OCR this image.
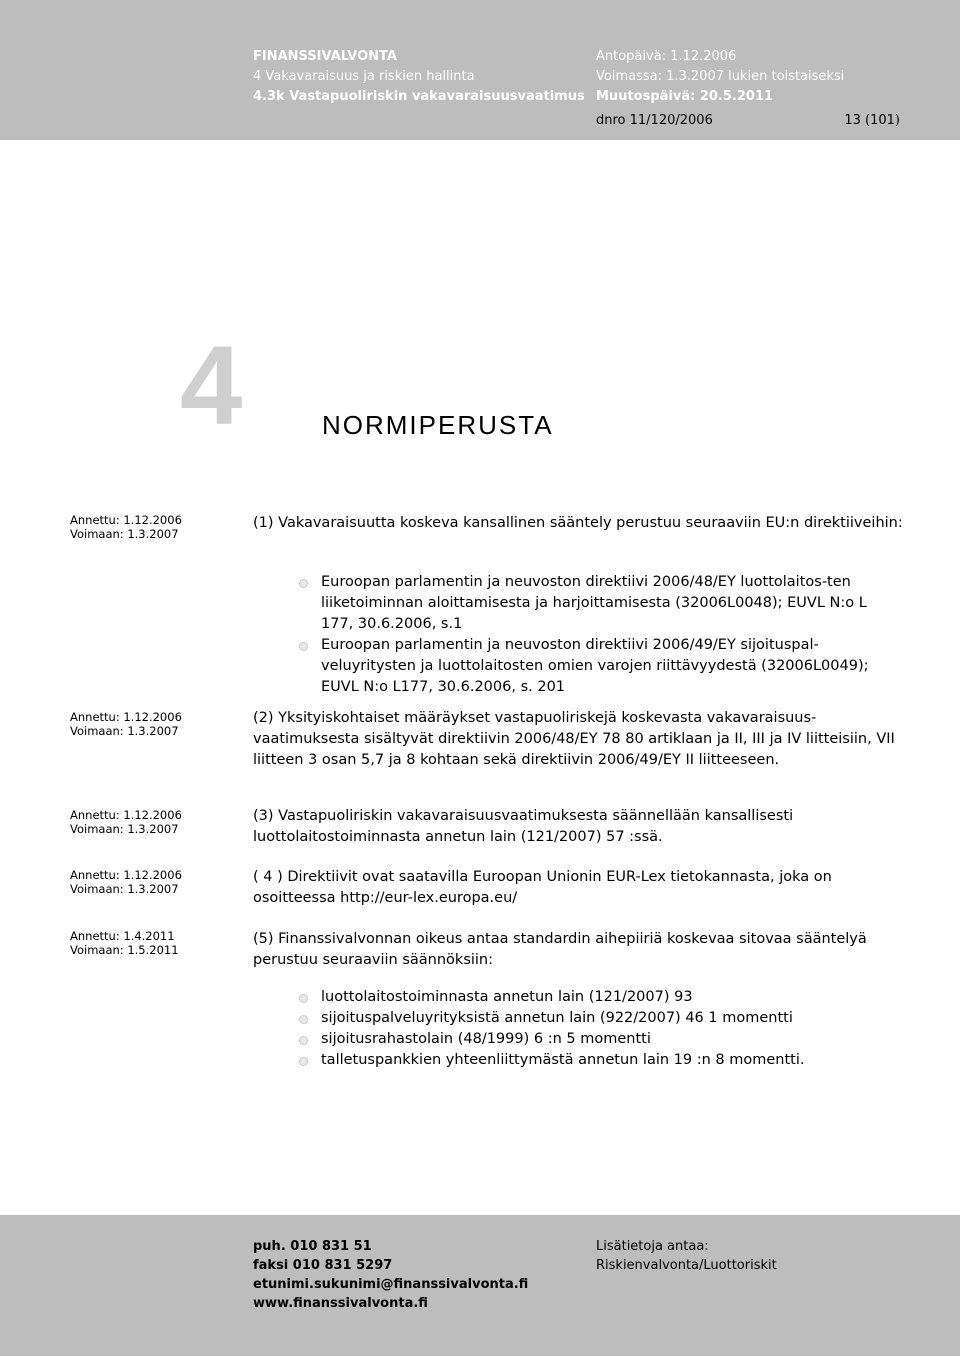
FINANSSIVALVONTA
4 Vakavaraisuus ja riskien hallinta
4.3k Vastapuoliriskin vakavaraisuusvaatimus
Antopäivä: 1.12.2006
Voimassa: 1.3.2007 lukien toistaiseksi
Muutospäivä: 20.5.2011
dnro 11/120/2006	13 (101)
4	NORMIPERUSTA
Annettu: 1.12.2006
Voimaan: 1.3.2007
(1) Vakavaraisuutta koskeva kansallinen sääntely perustuu seuraaviin EU:n direktiiveihin:
Euroopan parlamentin ja neuvoston direktiivi 2006/48/EY luottolaitos-ten liiketoiminnan aloittamisesta ja harjoittamisesta (32006L0048); EUVL N:o L 177, 30.6.2006, s.1
Euroopan parlamentin ja neuvoston direktiivi 2006/49/EY sijoituspal-veluyritysten ja luottolaitosten omien varojen riittävyydestä (32006L0049); EUVL N:o L177, 30.6.2006, s. 201
Annettu: 1.12.2006
Voimaan: 1.3.2007
(2) Yksityiskohtaiset määräykset vastapuoliriskejä koskevasta vakavaraisuus-vaatimuksesta sisältyvät direktiivin 2006/48/EY 78 80 artiklaan ja II, III ja IV liitteisiin, VII liitteen 3 osan 5,7 ja 8 kohtaan sekä direktiivin 2006/49/EY II liitteeseen.
Annettu: 1.12.2006
Voimaan: 1.3.2007
(3) Vastapuoliriskin vakavaraisuusvaatimuksesta säännellään kansallisesti luottolaitostoiminnasta annetun lain (121/2007) 57 :ssä.
Annettu: 1.12.2006
Voimaan: 1.3.2007
( 4 ) Direktiivit ovat saatavilla Euroopan Unionin EUR-Lex tietokannasta, joka on osoitteessa http://eur-lex.europa.eu/
Annettu: 1.4.2011
Voimaan: 1.5.2011
(5) Finanssivalvonnan oikeus antaa standardin aihepiiriä koskevaa sitovaa sääntelyä perustuu seuraaviin säännöksiin:
luottolaitostoiminnasta annetun lain (121/2007) 93
sijoituspalveluyrityksistä annetun lain (922/2007) 46 1 momentti
sijoitusrahastolain (48/1999) 6 :n 5 momentti
talletuspankkien yhteenliittymästä annetun lain 19 :n 8 momentti.
puh. 010 831 51
faksi 010 831 5297
etunimi.sukunimi@finanssivalvonta.fi
www.finanssivalvonta.fi
Lisätietoja antaa:
Riskienvalvonta/Luottoriskit
